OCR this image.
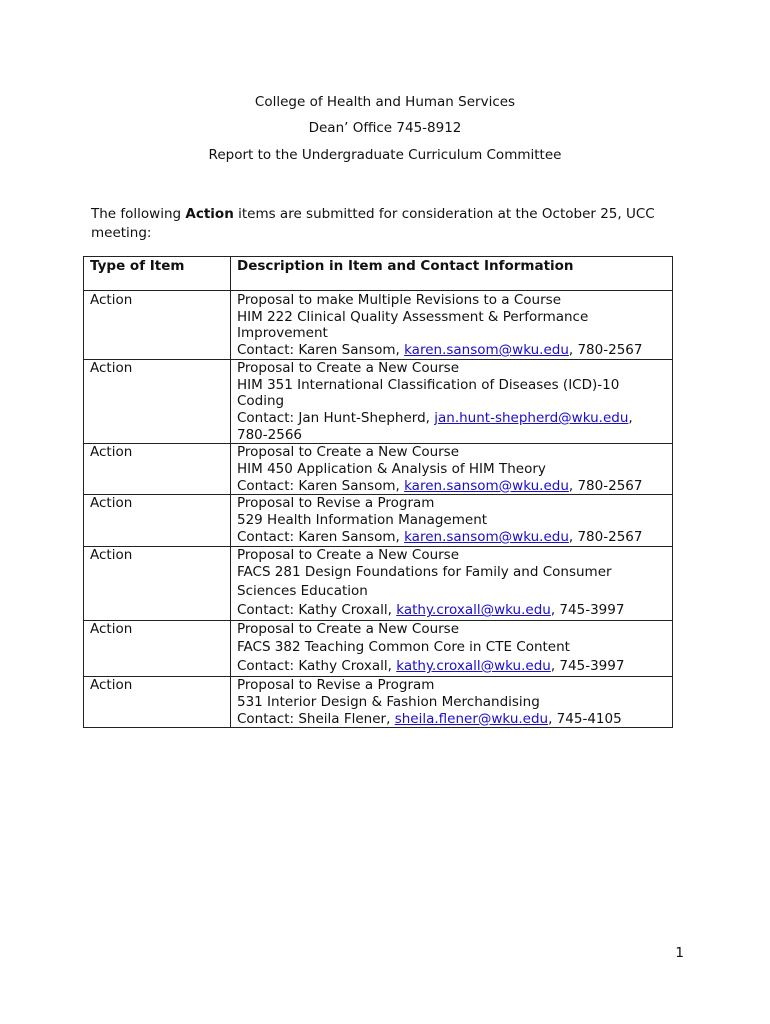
College of Health and Human Services
Dean’ Office 745-8912
Report to the Undergraduate Curriculum Committee
The following Action items are submitted for consideration at the October 25, UCC meeting:
Type of Item	Description in Item and Contact Information

Action	Proposal to make Multiple Revisions to a Course
HIM 222 Clinical Quality Assessment & Performance
Improvement
Contact: Karen Sansom, karen.sansom@wku.edu, 780-2567

Action	Proposal to Create a New Course
HIM 351 International Classification of Diseases (ICD)-10
Coding
Contact: Jan Hunt-Shepherd, jan.hunt-shepherd@wku.edu,
780-2566

Action	Proposal to Create a New Course
HIM 450 Application & Analysis of HIM Theory
Contact: Karen Sansom, karen.sansom@wku.edu, 780-2567

Action	Proposal to Revise a Program
529 Health Information Management
Contact: Karen Sansom, karen.sansom@wku.edu, 780-2567

Action	Proposal to Create a New Course
FACS 281 Design Foundations for Family and Consumer
Sciences Education
Contact: Kathy Croxall, kathy.croxall@wku.edu, 745-3997

Action	Proposal to Create a New Course
FACS 382 Teaching Common Core in CTE Content
Contact: Kathy Croxall, kathy.croxall@wku.edu, 745-3997

Action	Proposal to Revise a Program
531 Interior Design & Fashion Merchandising
Contact: Sheila Flener, sheila.flener@wku.edu, 745-4105
1
